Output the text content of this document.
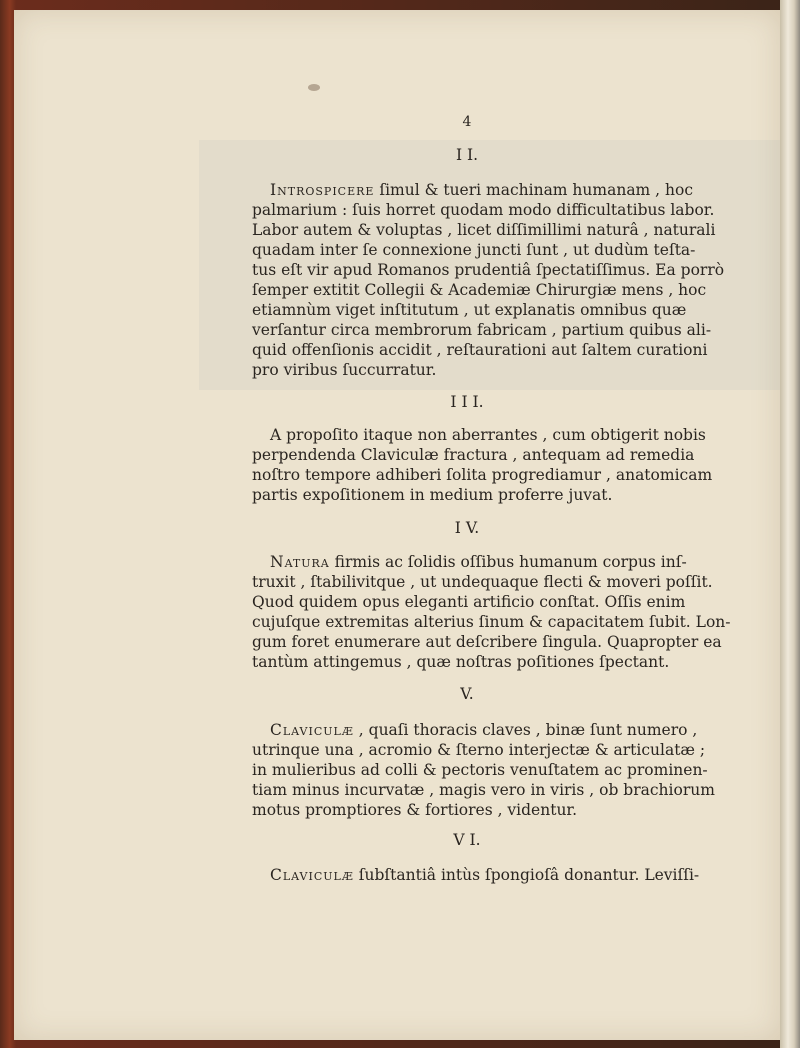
4
I I.
Introspicere ſimul & tueri machinam humanam , hoc
palmarium : ſuis horret quodam modo difficultatibus labor.
Labor autem & voluptas , licet diſſimillimi naturâ , naturali
quadam inter ſe connexione juncti ſunt , ut dudùm teſta-
tus eſt vir apud Romanos prudentiâ ſpectatiſſimus. Ea porrò
ſemper extitit Collegii & Academiæ Chirurgiæ mens , hoc
etiamnùm viget inſtitutum , ut explanatis omnibus quæ
verſantur circa membrorum fabricam , partium quibus ali-
quid offenſionis accidit , reſtaurationi aut ſaltem curationi
pro viribus ſuccurratur.
I I I.
A propoſito itaque non aberrantes , cum obtigerit nobis
perpendenda Claviculæ fractura , antequam ad remedia
noſtro tempore adhiberi ſolita progrediamur , anatomicam
partis expoſitionem in medium proferre juvat.
I V.
Natura firmis ac ſolidis oſſibus humanum corpus inſ-
truxit , ſtabilivitque , ut undequaque flecti & moveri poſſit.
Quod quidem opus eleganti artificio conſtat. Oſſis enim
cujuſque extremitas alterius ſinum & capacitatem ſubit. Lon-
gum foret enumerare aut deſcribere ſingula. Quapropter ea
tantùm attingemus , quæ noſtras poſitiones ſpectant.
V.
Claviculæ , quaſi thoracis claves , binæ ſunt numero ,
utrinque una , acromio & ſterno interjectæ & articulatæ ;
in mulieribus ad colli & pectoris venuſtatem ac prominen-
tiam minus incurvatæ , magis vero in viris , ob brachiorum
motus promptiores & fortiores , videntur.
V I.
Claviculæ ſubſtantiâ intùs ſpongioſâ donantur. Leviſſi-
